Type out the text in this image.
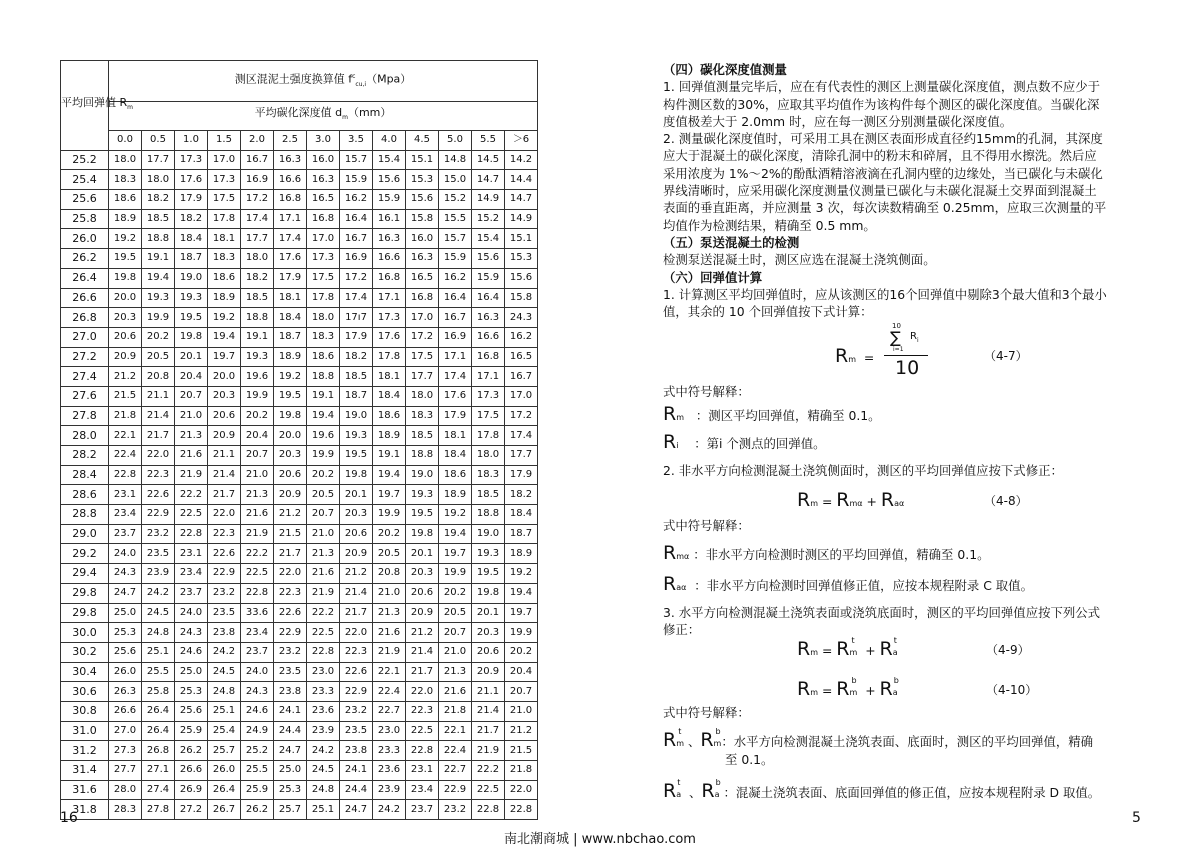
平均回弹值 $R_m$	测区混泥土强度换算值 $f^c_{cu,i}(Mpa)$												
	平均碳化深度值 $d_m(mm)$												
	0.0	0.5	1.0	1.5	2.0	2.5	3.0	3.5	4.0	4.5	5.0	5.5	＞6
25.2	18.0	17.7	17.3	17.0	16.7	16.3	16.0	15.7	15.4	15.1	14.8	14.5	14.2
25.4	18.3	18.0	17.6	17.3	16.9	16.6	16.3	15.9	15.6	15.3	15.0	14.7	14.4
25.6	18.6	18.2	17.9	17.5	17.2	16.8	16.5	16.2	15.9	15.6	15.2	14.9	14.7
25.8	18.9	18.5	18.2	17.8	17.4	17.1	16.8	16.4	16.1	15.8	15.5	15.2	14.9
26.0	19.2	18.8	18.4	18.1	17.7	17.4	17.0	16.7	16.3	16.0	15.7	15.4	15.1
26.2	19.5	19.1	18.7	18.3	18.0	17.6	17.3	16.9	16.6	16.3	15.9	15.6	15.3
26.4	19.8	19.4	19.0	18.6	18.2	17.9	17.5	17.2	16.8	16.5	16.2	15.9	15.6
26.6	20.0	19.3	19.3	18.9	18.5	18.1	17.8	17.4	17.1	16.8	16.4	16.4	15.8
26.8	20.3	19.9	19.5	19.2	18.8	18.4	18.0	17ı7	17.3	17.0	16.7	16.3	24.3
27.0	20.6	20.2	19.8	19.4	19.1	18.7	18.3	17.9	17.6	17.2	16.9	16.6	16.2
27.2	20.9	20.5	20.1	19.7	19.3	18.9	18.6	18.2	17.8	17.5	17.1	16.8	16.5
27.4	21.2	20.8	20.4	20.0	19.6	19.2	18.8	18.5	18.1	17.7	17.4	17.1	16.7
27.6	21.5	21.1	20.7	20.3	19.9	19.5	19.1	18.7	18.4	18.0	17.6	17.3	17.0
27.8	21.8	21.4	21.0	20.6	20.2	19.8	19.4	19.0	18.6	18.3	17.9	17.5	17.2
28.0	22.1	21.7	21.3	20.9	20.4	20.0	19.6	19.3	18.9	18.5	18.1	17.8	17.4
28.2	22.4	22.0	21.6	21.1	20.7	20.3	19.9	19.5	19.1	18.8	18.4	18.0	17.7
28.4	22.8	22.3	21.9	21.4	21.0	20.6	20.2	19.8	19.4	19.0	18.6	18.3	17.9
28.6	23.1	22.6	22.2	21.7	21.3	20.9	20.5	20.1	19.7	19.3	18.9	18.5	18.2
28.8	23.4	22.9	22.5	22.0	21.6	21.2	20.7	20.3	19.9	19.5	19.2	18.8	18.4
29.0	23.7	23.2	22.8	22.3	21.9	21.5	21.0	20.6	20.2	19.8	19.4	19.0	18.7
29.2	24.0	23.5	23.1	22.6	22.2	21.7	21.3	20.9	20.5	20.1	19.7	19.3	18.9
29.4	24.3	23.9	23.4	22.9	22.5	22.0	21.6	21.2	20.8	20.3	19.9	19.5	19.2
29.8	24.7	24.2	23.7	23.2	22.8	22.3	21.9	21.4	21.0	20.6	20.2	19.8	19.4
29.8	25.0	24.5	24.0	23.5	33.6	22.6	22.2	21.7	21.3	20.9	20.5	20.1	19.7
30.0	25.3	24.8	24.3	23.8	23.4	22.9	22.5	22.0	21.6	21.2	20.7	20.3	19.9
30.2	25.6	25.1	24.6	24.2	23.7	23.2	22.8	22.3	21.9	21.4	21.0	20.6	20.2
30.4	26.0	25.5	25.0	24.5	24.0	23.5	23.0	22.6	22.1	21.7	21.3	20.9	20.4
30.6	26.3	25.8	25.3	24.8	24.3	23.8	23.3	22.9	22.4	22.0	21.6	21.1	20.7
30.8	26.6	26.4	25.6	25.1	24.6	24.1	23.6	23.2	22.7	22.3	21.8	21.4	21.0
31.0	27.0	26.4	25.9	25.4	24.9	24.4	23.9	23.5	23.0	22.5	22.1	21.7	21.2
31.2	27.3	26.8	26.2	25.7	25.2	24.7	24.2	23.8	23.3	22.8	22.4	21.9	21.5
31.4	27.7	27.1	26.6	26.0	25.5	25.0	24.5	24.1	23.6	23.1	22.7	22.2	21.8
31.6	28.0	27.4	26.9	26.4	25.9	25.3	24.8	24.4	23.9	23.4	22.9	22.5	22.0
31.8	28.3	27.8	27.2	26.7	26.2	25.7	25.1	24.7	24.2	23.7	23.2	22.8	22.8
（四）碳化深度值测量
1. 回弹值测量完毕后，应在有代表性的测区上测量碳化深度值，测点数不应少于
构件测区数的30%，应取其平均值作为该构件每个测区的碳化深度值。当碳化深
度值极差大于 2.0mm 时，应在每一测区分别测量碳化深度值。
2. 测量碳化深度值时，可采用工具在测区表面形成直径约15mm的孔洞，其深度
应大于混凝土的碳化深度，清除孔洞中的粉末和碎屑，且不得用水擦洗。然后应
采用浓度为 1%～2%的酚酞酒精溶液滴在孔洞内壁的边缘处，当已碳化与未碳化
界线清晰时，应采用碳化深度测量仪测量已碳化与未碳化混凝土交界面到混凝土
表面的垂直距离，并应测量 3 次，每次读数精确至 0.25mm，应取三次测量的平
均值作为检测结果，精确至 0.5 mm。
（五）泵送混凝土的检测
检测泵送混凝土时，测区应选在混凝土浇筑侧面。
（六）回弹值计算
1. 计算测区平均回弹值时，应从该测区的16个回弹值中剔除3个最大值和3个最小
值，其余的 10 个回弹值按下式计算：
10
∑ $R_i$
i=1
10
Rm =	（4-7）
式中符号解释：
Rm ：测区平均回弹值，精确至 0.1。
Ri ：第i 个测点的回弹值。
2. 非水平方向检测混凝土浇筑侧面时，测区的平均回弹值应按下式修正：
Rm = Rmα + Raα	（4-8）
式中符号解释：
Rmα ：非水平方向检测时测区的平均回弹值，精确至 0.1。
Raα ：非水平方向检测时回弹值修正值，应按本规程附录 C 取值。
3. 水平方向检测混凝土浇筑表面或浇筑底面时，测区的平均回弹值应按下列公式
修正：
Rm = Rm
t
+ Ra
t
（4-9）
Rm = Rm
b
+ Ra
b
（4-10）
式中符号解释：
Rm
t
、Rm
b
：水平方向检测混凝土浇筑表面、底面时，测区的平均回弹值，精确
至 0.1。
Ra
t
、Ra
b
：混凝土浇筑表面、底面回弹值的修正值，应按本规程附录 D 取值。
16	5
南北潮商城 | www.nbchao.com
